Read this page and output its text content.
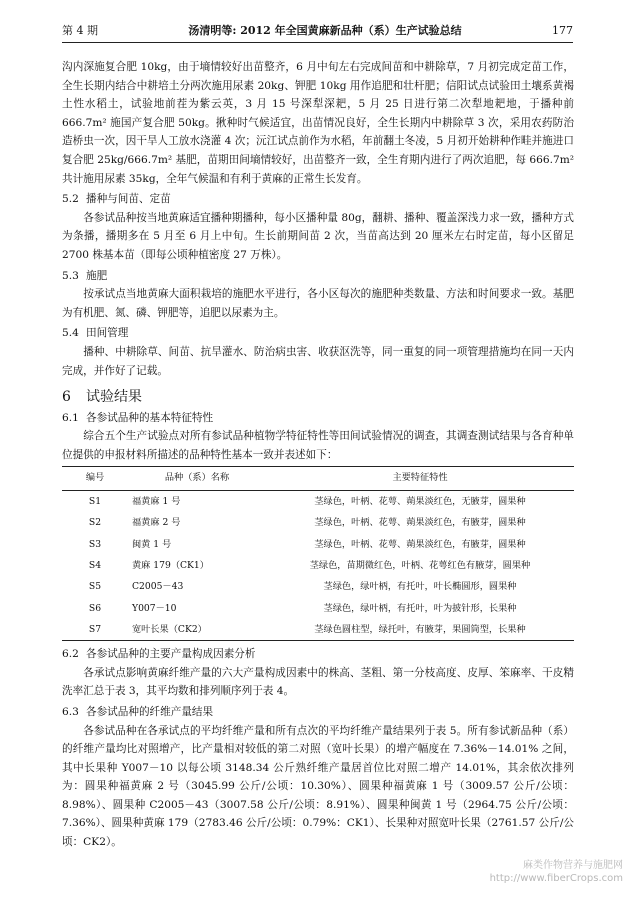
第 4 期	汤清明等: 2012 年全国黄麻新品种（系）生产试验总结	177

沟内深施复合肥 10kg，由于墒情较好出苗整齐，6 月中旬左右完成间苗和中耕除草，7 月初完成定苗工作，全生长期内结合中耕培土分两次施用尿素 20kg、钾肥 10kg 用作追肥和壮杆肥；信阳试点试验田土壤系黄褐土性水稻土，试验地前茬为紫云英，3 月 15 号深犁深耙，5 月 25 日进行第二次犁地耙地，于播种前 666.7m² 施国产复合肥 50kg。揪种时气候适宜，出苗情况良好，全生长期内中耕除草 3 次，采用农药防治造桥虫一次，因干旱人工放水浇灌 4 次；沅江试点前作为水稻，年前翻土冬凌，5 月初开始耕种作畦并施进口复合肥 25kg/666.7m² 基肥，苗期田间墒情较好，出苗整齐一致，全生育期内进行了两次追肥，每 666.7m² 共计施用尿素 35kg，全年气候温和有利于黄麻的正常生长发育。

5.2 播种与间苗、定苗

各参试品种按当地黄麻适宜播种期播种，每小区播种量 80g，翻耕、播种、覆盖深浅力求一致，播种方式为条播，播期多在 5 月至 6 月上中旬。生长前期间苗 2 次，当苗高达到 20 厘米左右时定苗，每小区留足 2700 株基本苗（即每公顷种植密度 27 万株）。

5.3 施肥

按承试点当地黄麻大面积栽培的施肥水平进行，各小区每次的施肥种类数量、方法和时间要求一致。基肥为有机肥、氮、磷、钾肥等，追肥以尿素为主。

5.4 田间管理

播种、中耕除草、间苗、抗旱灌水、防治病虫害、收获沤洗等，同一重复的同一项管理措施均在同一天内完成，并作好了记载。

6 试验结果
6.1 各参试品种的基本特征特性

综合五个生产试验点对所有参试品种植物学特征特性等田间试验情况的调查，其调查测试结果与各育种单位提供的申报材料所描述的品种特性基本一致并表述如下：

编号	品种（系）名称	主要特征特性
S1	福黄麻 1 号	茎绿色，叶柄、花萼、蒴果淡红色，无腋芽，圆果种
S2	福黄麻 2 号	茎绿色，叶柄、花萼、蒴果淡红色，有腋芽，圆果种
S3	闽黄 1 号	茎绿色，叶柄、花萼、蒴果淡红色，有腋芽，圆果种
S4	黄麻 179（CK1）	茎绿色，苗期微红色，叶柄、花萼红色有腋芽，圆果种
S5	C2005－43	茎绿色，绿叶柄，有托叶，叶长椭圆形，圆果种
S6	Y007－10	茎绿色，绿叶柄，有托叶，叶为披针形，长果种
S7	宽叶长果（CK2）	茎绿色圆柱型，绿托叶，有腋芽，果圆筒型，长果种
6.2 各参试品种的主要产量构成因素分析

各承试点影响黄麻纤维产量的六大产量构成因素中的株高、茎粗、第一分枝高度、皮厚、笨麻率、干皮精洗率汇总于表 3，其平均数和排列顺序列于表 4。

6.3 各参试品种的纤维产量结果

各参试品种在各承试点的平均纤维产量和所有点次的平均纤维产量结果列于表 5。所有参试新品种（系）的纤维产量均比对照增产，比产量相对较低的第二对照（宽叶长果）的增产幅度在 7.36%－14.01% 之间，其中长果种 Y007－10 以每公顷 3148.34 公斤熟纤维产量居首位比对照二增产 14.01%，其余依次排列为：圆果种福黄麻 2 号（3045.99 公斤/公顷：10.30%）、圆果种福黄麻 1 号（3009.57 公斤/公顷：8.98%）、圆果种 C2005－43（3007.58 公斤/公顷：8.91%）、圆果种闽黄 1 号（2964.75 公斤/公顷：7.36%）、圆果种黄麻 179（2783.46 公斤/公顷：0.79%：CK1）、长果种对照宽叶长果（2761.57 公斤/公顷：CK2）。

麻类作物营养与施肥网
http://www.fiberCrops.com
